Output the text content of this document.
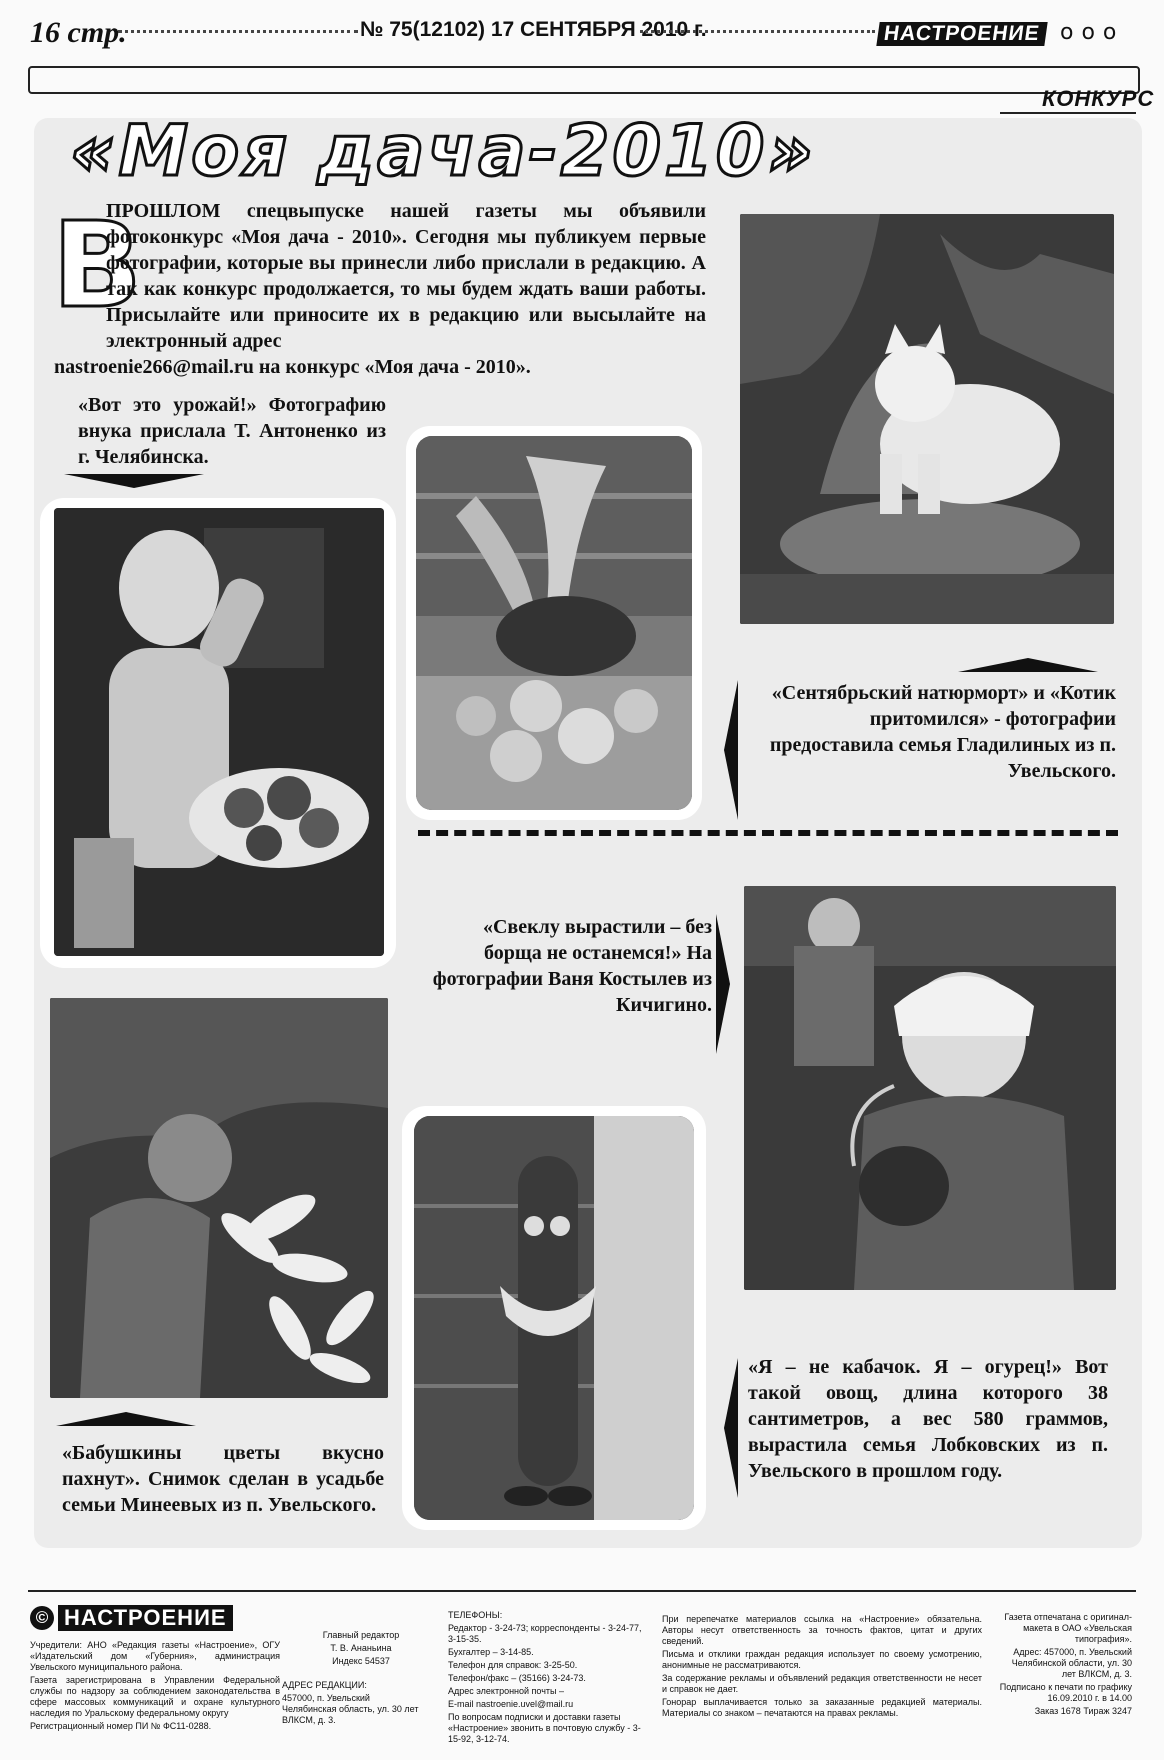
16 стр.	№ 75(12102) 17 СЕНТЯБРЯ 2010 г.	НАСТРОЕНИЕ ooo
КОНКУРС
«Моя дача-2010»
В
ПРОШЛОМ спецвыпуске нашей газеты мы объявили фотоконкурс «Моя дача - 2010». Сегодня мы публикуем первые фотографии, которые вы принесли либо прислали в редакцию. А так как конкурс продолжается, то мы будем ждать ваши работы. Присылайте или приносите их в редакцию или высылайте на электронный адрес
nastroenie266@mail.ru на конкурс «Моя дача - 2010».
«Вот это урожай!» Фотографию внука прислала Т. Антоненко из г. Челябинска.
«Сентябрьский натюрморт» и «Котик притомился» - фотографии предоставила семья Гладилиных из п. Увельского.
«Бабушкины цветы вкусно пахнут». Снимок сделан в усадьбе семьи Минеевых из п. Увельского.
«Свеклу вырастили – без борща не останемся!» На фотографии Ваня Костылев из Кичигино.
«Я – не кабачок. Я – огурец!» Вот такой овощ, длина которого 38 сантиметров, а вес 580 граммов, вырастила семья Лобковских из п. Увельского в прошлом году.
© НАСТРОЕНИЕ

Учредители: АНО «Редакция газеты «Настроение», ОГУ «Издательский дом «Губерния», администрация Увельского муниципального района.

Газета зарегистрирована в Управлении Федеральной службы по надзору за соблюдением законодательства в сфере массовых коммуникаций и охране культурного наследия по Уральскому федеральному округу

Регистрационный номер ПИ № ФС11-0288.

Главный редактор

Т. В. Ананьина

Индекс 54537

АДРЕС РЕДАКЦИИ:

457000, п. Увельский Челябинская область, ул. 30 лет ВЛКСМ, д. 3.

ТЕЛЕФОНЫ:

Редактор - 3-24-73; корреспонденты - 3-24-77, 3-15-35.

Бухгалтер – 3-14-85.

Телефон для справок: 3-25-50.

Телефон/факс – (35166) 3-24-73.

Адрес электронной почты –

E-mail nastroenie.uvel@mail.ru

По вопросам подписки и доставки газеты «Настроение» звонить в почтовую службу - 3-15-92, 3-12-74.

При перепечатке материалов ссылка на «Настроение» обязательна. Авторы несут ответственность за точность фактов, цитат и других сведений.

Письма и отклики граждан редакция использует по своему усмотрению, анонимные не рассматриваются.

За содержание рекламы и объявлений редакция ответственности не несет и справок не дает.

Гонорар выплачивается только за заказанные редакцией материалы. Материалы со знаком – печатаются на правах рекламы.

Газета отпечатана с оригинал-макета в ОАО «Увельская типография».

Адрес: 457000, п. Увельский Челябинской области, ул. 30 лет ВЛКСМ, д. 3.

Подписано к печати по графику 16.09.2010 г. в 14.00

Заказ 1678 Тираж 3247
